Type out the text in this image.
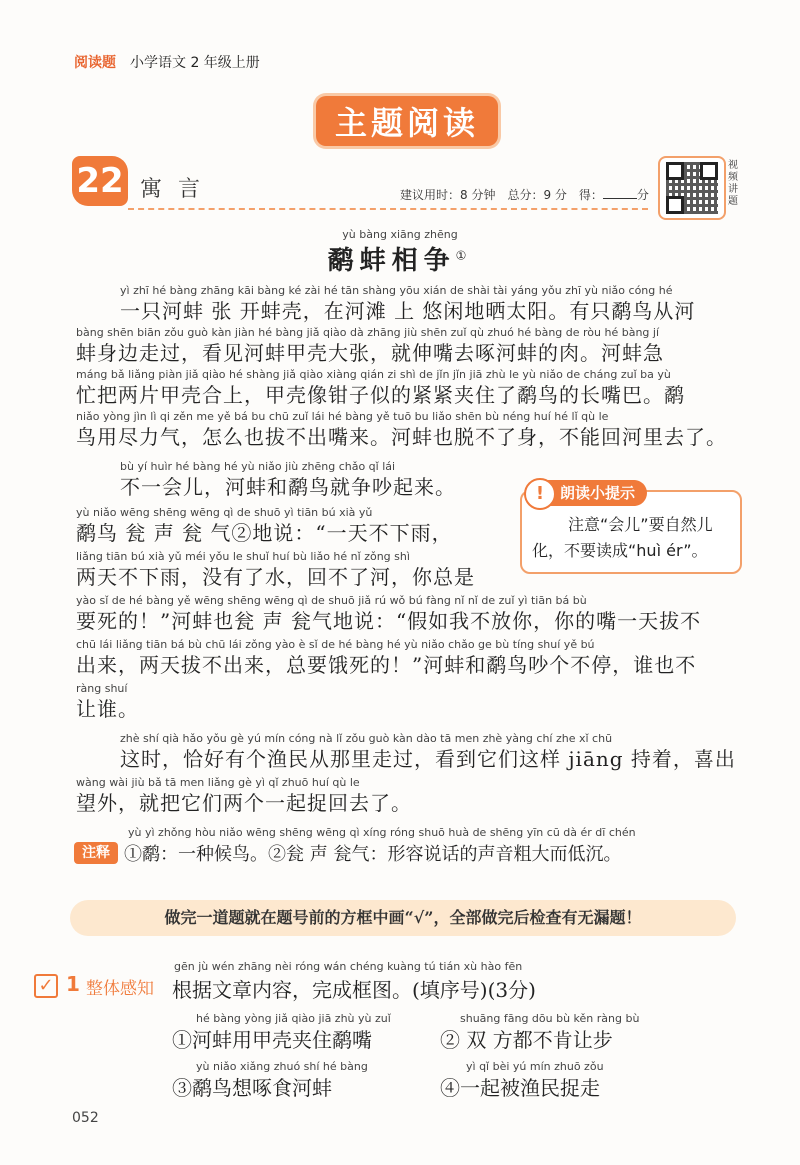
阅读题 小学语文 2 年级上册
主题阅读
22 寓言	建议用时：8 分钟　总分：9 分　得：	分
视频讲题
yù bàng xiāng zhēng
鹬蚌相争①
yì zhī hé bàng zhāng kāi bàng ké zài hé tān shàng yōu xián de shài tài yáng yǒu zhī yù niǎo cóng hé
一只河蚌 张 开蚌壳，在河滩 上 悠闲地晒太阳。有只鹬鸟从河
bàng shēn biān zǒu guò kàn jiàn hé bàng jiǎ qiào dà zhāng jiù shēn zuǐ qù zhuó hé bàng de ròu hé bàng jí
蚌身边走过，看见河蚌甲壳大张，就伸嘴去啄河蚌的肉。河蚌急
máng bǎ liǎng piàn jiǎ qiào hé shàng jiǎ qiào xiàng qián zi shì de jǐn jǐn jiā zhù le yù niǎo de cháng zuǐ ba yù
忙把两片甲壳合上，甲壳像钳子似的紧紧夹住了鹬鸟的长嘴巴。鹬
niǎo yòng jìn lì qi zěn me yě bá bu chū zuǐ lái hé bàng yě tuō bu liǎo shēn bù néng huí hé lǐ qù le
鸟用尽力气，怎么也拔不出嘴来。河蚌也脱不了身，不能回河里去了。
bù yí huìr hé bàng hé yù niǎo jiù zhēng chǎo qǐ lái
不一会儿，河蚌和鹬鸟就争吵起来。
yù niǎo wēng shēng wēng qì de shuō yì tiān bú xià yǔ
鹬鸟 瓮 声 瓮 气②地说：“一天不下雨，
liǎng tiān bú xià yǔ méi yǒu le shuǐ huí bù liǎo hé nǐ zǒng shì
两天不下雨，没有了水，回不了河，你总是
yào sǐ de hé bàng yě wēng shēng wēng qì de shuō jiǎ rú wǒ bú fàng nǐ nǐ de zuǐ yì tiān bá bù
要死的！”河蚌也瓮 声 瓮气地说：“假如我不放你，你的嘴一天拔不
chū lái liǎng tiān bá bù chū lái zǒng yào è sǐ de hé bàng hé yù niǎo chǎo ge bù tíng shuí yě bú
出来，两天拔不出来，总要饿死的！”河蚌和鹬鸟吵个不停，谁也不
ràng shuí
让谁。
zhè shí qià hǎo yǒu gè yú mín cóng nà lǐ zǒu guò kàn dào tā men zhè yàng chí zhe xǐ chū
这时，恰好有个渔民从那里走过，看到它们这样 jiāng 持着，喜出
wàng wài jiù bǎ tā men liǎng gè yì qǐ zhuō huí qù le
望外，就把它们两个一起捉回去了。
朗读小提示
!
注意“会儿”要自然儿化，不要读成“huì ér”。
注释
yù yì zhǒng hòu niǎo wēng shēng wēng qì xíng róng shuō huà de shēng yīn cū dà ér dī chén
①鹬：一种候鸟。②瓮 声 瓮气：形容说话的声音粗大而低沉。
做完一道题就在题号前的方框中画“√”，全部做完后检查有无漏题！
✓ 1 整体感知
gēn jù wén zhāng nèi róng wán chéng kuàng tú tián xù hào fēn
根据文章内容，完成框图。(填序号)(3分)
hé bàng yòng jiǎ qiào jiā zhù yù zuǐ
①河蚌用甲壳夹住鹬嘴
shuāng fāng dōu bù kěn ràng bù
② 双 方都不肯让步
yù niǎo xiǎng zhuó shí hé bàng
③鹬鸟想啄食河蚌
yì qǐ bèi yú mín zhuō zǒu
④一起被渔民捉走
052
